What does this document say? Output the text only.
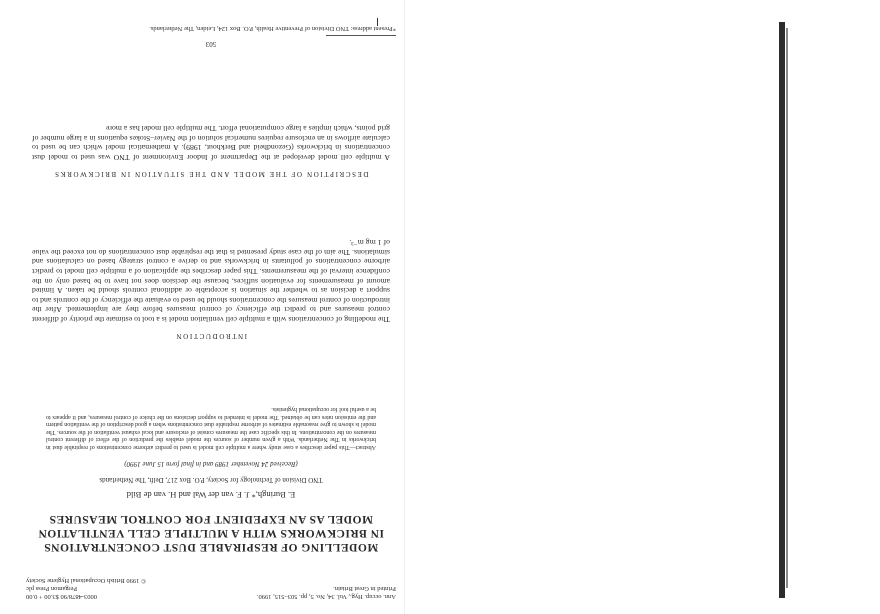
Ann. occup. Hyg., Vol. 34, No. 5, pp. 503–515, 1990.
Printed in Great Britain.
0003-4878/90 $3.00 + 0.00
Pergamon Press plc
© 1990 British Occupational Hygiene Society
MODELLING OF RESPIRABLE DUST CONCENTRATIONS
IN BRICKWORKS WITH A MULTIPLE CELL VENTILATION
MODEL AS AN EXPEDIENT FOR CONTROL MEASURES
E. Buringh,* J. F. van der Wal and H. van de Bild
TNO Division of Technology for Society, P.O. Box 217, Delft, The Netherlands
(Received 24 November 1989 and in final form 15 June 1990)
Abstract—This paper describes a case study where a multiple cell model is used to predict airborne concentrations of respirable dust in brickworks in The Netherlands. With a given number of sources the model enables the prediction of the effect of different control measures on the concentrations. In this specific case the measures consist of enclosure and local exhaust ventilation of the sources. The model is shown to give reasonable estimates of airborne respirable dust concentrations when a good description of the ventilation pattern and the emission rates can be obtained. The model is intended to support decisions on the choice of control measures, and it appears to be a useful tool for occupational hygienists.
INTRODUCTION
The modelling of concentrations with a multiple cell ventilation model is a tool to estimate the priority of different control measures and to predict the efficiency of control measures before they are implemented. After the introduction of control measures the concentrations should be used to evaluate the efficiency of the controls and to support a decision as to whether the situation is acceptable or additional controls should be taken. A limited amount of measurements for evaluation suffices, because the decision does not have to be based only on the confidence interval of the measurements. This paper describes the application of a multiple cell model to predict airborne concentrations of pollutants in brickworks and to derive a control strategy based on calculations and simulations. The aim of the case study presented is that the respirable dust concentrations do not exceed the value of 1 mg m⁻³.
DESCRIPTION OF THE MODEL AND THE SITUATION IN BRICKWORKS
A multiple cell model developed at the Department of Indoor Environment of TNO was used to model dust concentrations in brickworks (Gezondheid and Berkhout, 1989). A mathematical model which can be used to calculate airflows in an enclosure requires numerical solution of the Navier–Stokes equations in a large number of grid points, which implies a large computational effort. The multiple cell model has a more
503
*Present address: TNO Division of Preventive Health, P.O. Box 124, Leiden, The Netherlands.
